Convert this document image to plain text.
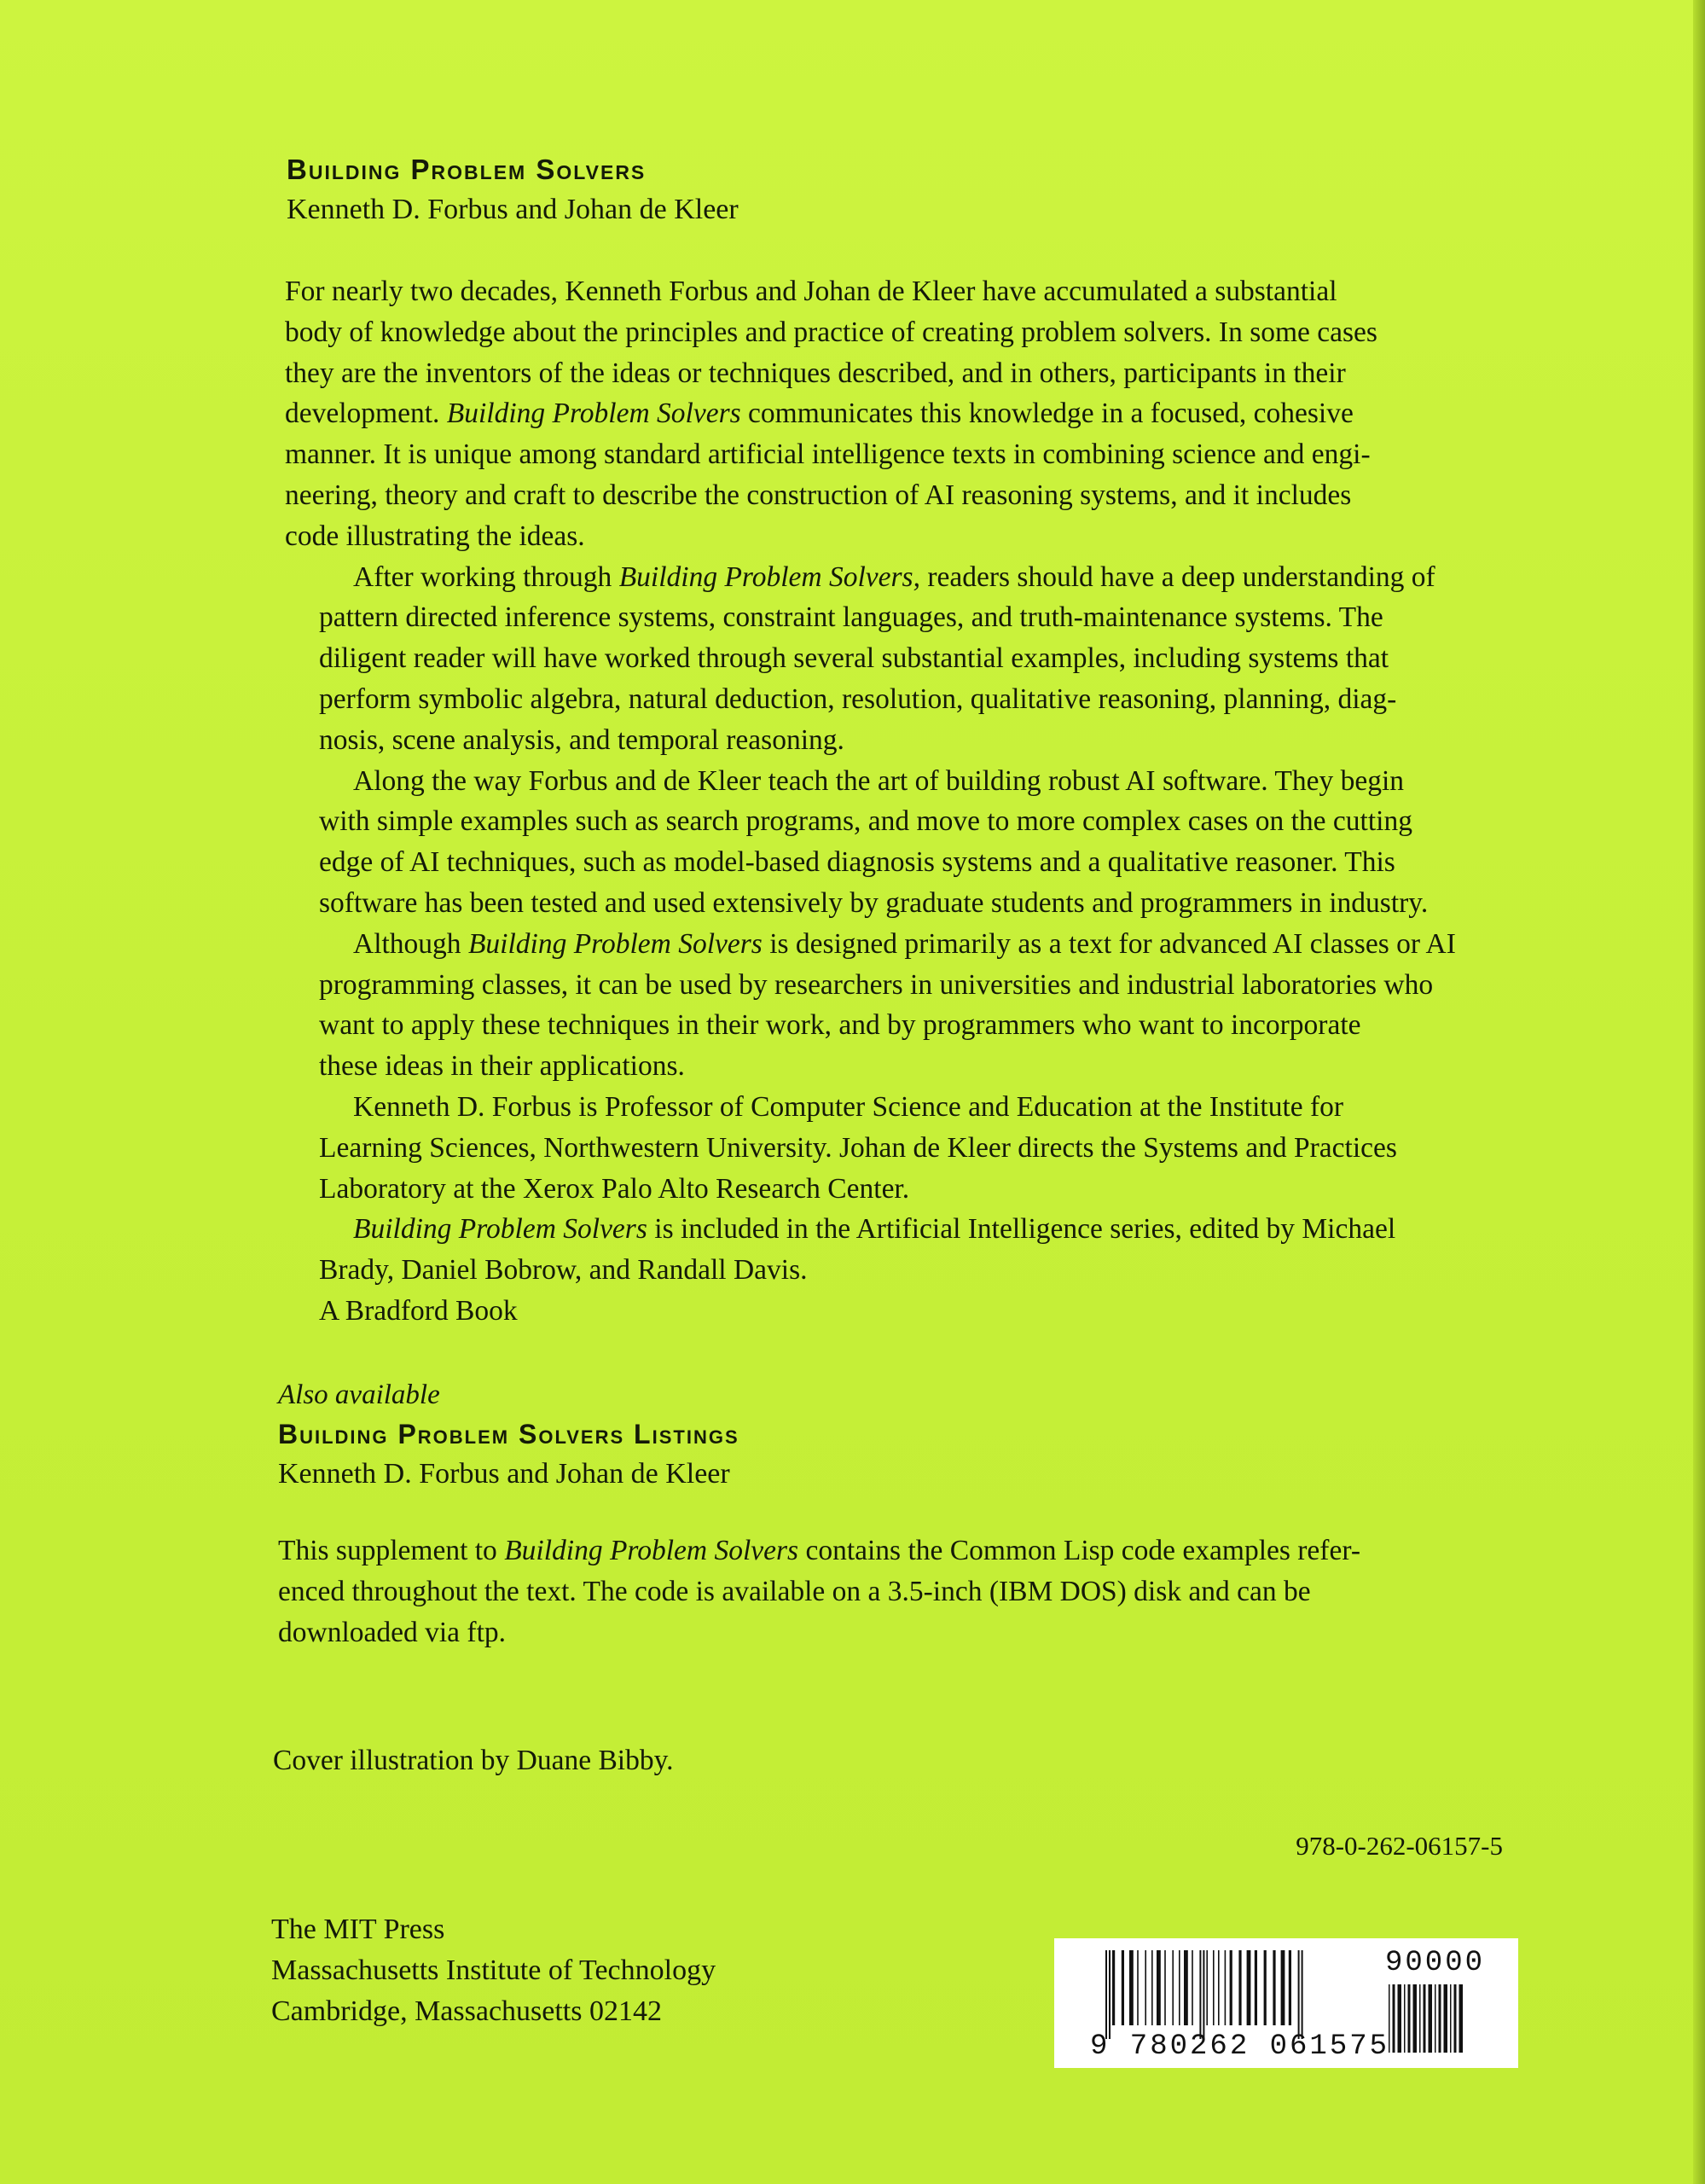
Building Problem Solvers
Kenneth D. Forbus and Johan de Kleer

For nearly two decades, Kenneth Forbus and Johan de Kleer have accumulated a substantial
body of knowledge about the principles and practice of creating problem solvers. In some cases
they are the inventors of the ideas or techniques described, and in others, participants in their
development. Building Problem Solvers communicates this knowledge in a focused, cohesive
manner. It is unique among standard artificial intelligence texts in combining science and engi-
neering, theory and craft to describe the construction of AI reasoning systems, and it includes
code illustrating the ideas.

After working through Building Problem Solvers, readers should have a deep understanding of
pattern directed inference systems, constraint languages, and truth-maintenance systems. The
diligent reader will have worked through several substantial examples, including systems that
perform symbolic algebra, natural deduction, resolution, qualitative reasoning, planning, diag-
nosis, scene analysis, and temporal reasoning.

Along the way Forbus and de Kleer teach the art of building robust AI software. They begin
with simple examples such as search programs, and move to more complex cases on the cutting
edge of AI techniques, such as model-based diagnosis systems and a qualitative reasoner. This
software has been tested and used extensively by graduate students and programmers in industry.

Although Building Problem Solvers is designed primarily as a text for advanced AI classes or AI
programming classes, it can be used by researchers in universities and industrial laboratories who
want to apply these techniques in their work, and by programmers who want to incorporate
these ideas in their applications.

Kenneth D. Forbus is Professor of Computer Science and Education at the Institute for
Learning Sciences, Northwestern University. Johan de Kleer directs the Systems and Practices
Laboratory at the Xerox Palo Alto Research Center.

Building Problem Solvers is included in the Artificial Intelligence series, edited by Michael
Brady, Daniel Bobrow, and Randall Davis.

A Bradford Book

Also available
Building Problem Solvers Listings
Kenneth D. Forbus and Johan de Kleer
This supplement to Building Problem Solvers contains the Common Lisp code examples refer-
enced throughout the text. The code is available on a 3.5-inch (IBM DOS) disk and can be
downloaded via ftp.
Cover illustration by Duane Bibby.
978-0-262-06157-5
The MIT Press
Massachusetts Institute of Technology
Cambridge, Massachusetts 02142
9 780262 061575
90000
